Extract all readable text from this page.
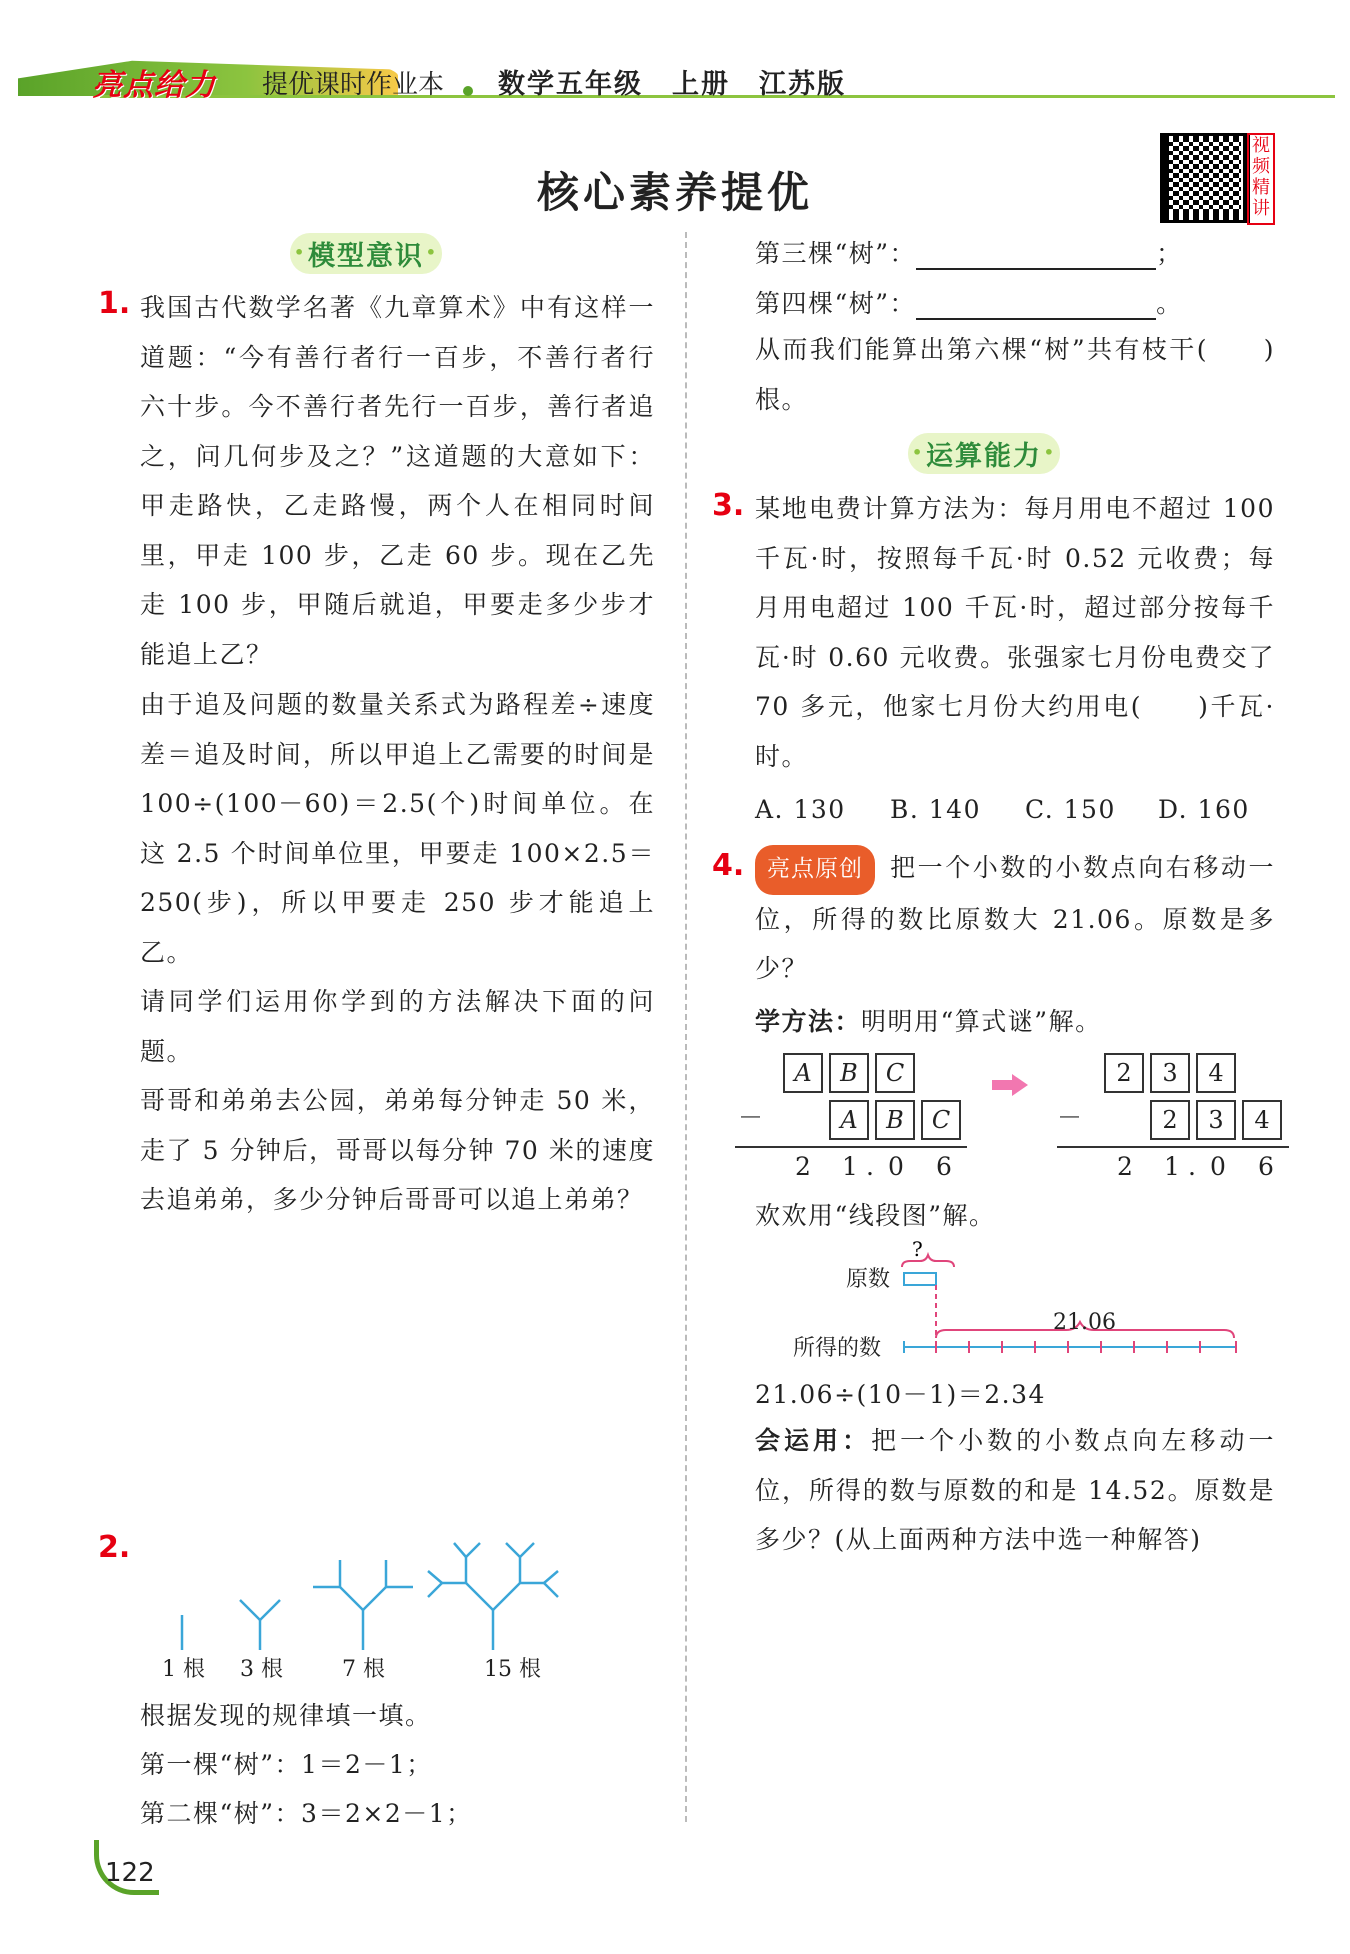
亮点给力 提优课时作业本 数学五年级　上册　江苏版
核心素养提优
视频精讲
• 模型意识 •
1. 我国古代数学名著《九章算术》中有这样一道题：“今有善行者行一百步，不善行者行六十步。今不善行者先行一百步，善行者追之，问几何步及之？”这道题的大意如下：甲走路快，乙走路慢，两个人在相同时间里，甲走 100 步，乙走 60 步。现在乙先走 100 步，甲随后就追，甲要走多少步才能追上乙？
由于追及问题的数量关系式为路程差÷速度差＝追及时间，所以甲追上乙需要的时间是 100÷(100－60)＝2.5(个)时间单位。在这 2.5 个时间单位里，甲要走 100×2.5＝250(步)，所以甲要走 250 步才能追上乙。
请同学们运用你学到的方法解决下面的问题。
哥哥和弟弟去公园，弟弟每分钟走 50 米，走了 5 分钟后，哥哥以每分钟 70 米的速度去追弟弟，多少分钟后哥哥可以追上弟弟？
2.
1 根 3 根	7 根	15 根
根据发现的规律填一填。
第一棵“树”：1＝2－1；
第二棵“树”：3＝2×2－1；
第三棵“树”：	；
第四棵“树”：	。
从而我们能算出第六棵“树”共有枝干(　　)根。
• 运算能力 •
3. 某地电费计算方法为：每月用电不超过 100 千瓦·时，按照每千瓦·时 0.52 元收费；每月用电超过 100 千瓦·时，超过部分按每千瓦·时 0.60 元收费。张强家七月份电费交了 70 多元，他家七月份大约用电(　　)千瓦·时。
A. 130 B. 140 C. 150 D. 160
4. 亮点原创 把一个小数的小数点向右移动一位，所得的数比原数大 21.06。原数是多少？
学方法：明明用“算式谜”解。
A	B	C
－	A	B	C
2 1 . 0 6
2	3	4
－	2	3	4
2 1 . 0 6
欢欢用“线段图”解。
?
原数
所得的数
21.06
21.06÷(10－1)＝2.34
会运用：把一个小数的小数点向左移动一位，所得的数与原数的和是 14.52。原数是多少？(从上面两种方法中选一种解答)
122
